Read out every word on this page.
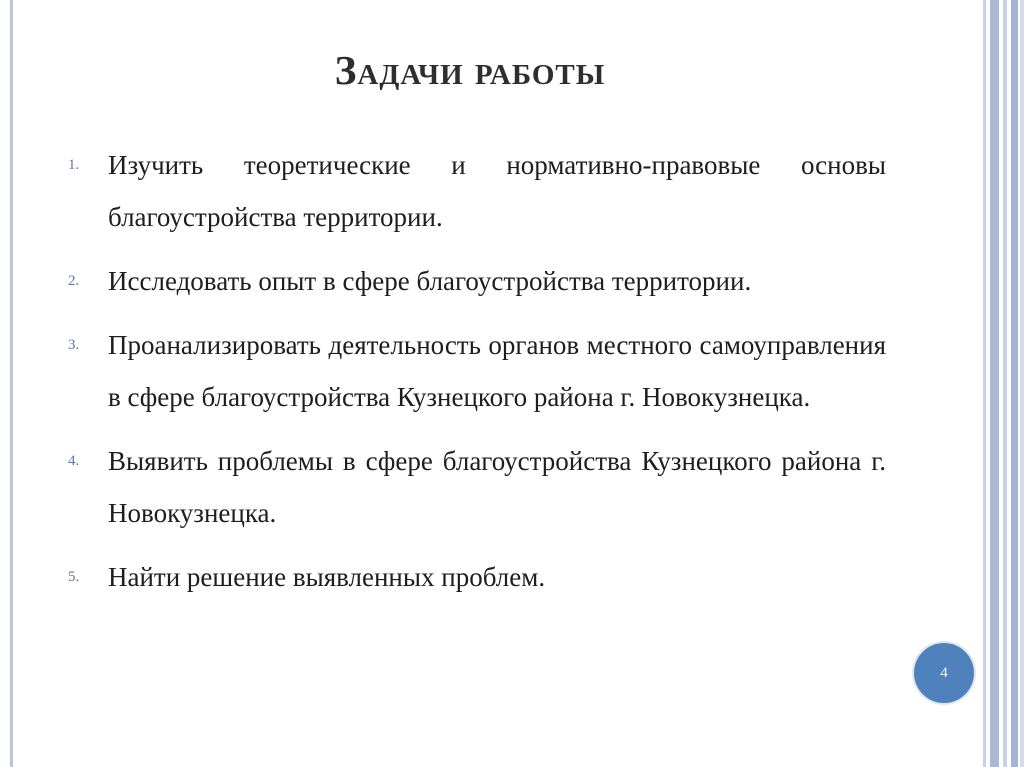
Задачи работы
1.	Изучить теоретические и нормативно-правовые основы благоустройства территории.
2.	Исследовать опыт в сфере благоустройства территории.
3.	Проанализировать деятельность органов местного самоуправления в сфере благоустройства Кузнецкого района г. Новокузнецка.
4.	Выявить проблемы в сфере благоустройства Кузнецкого района г. Новокузнецка.
5.	Найти решение выявленных проблем.
4
